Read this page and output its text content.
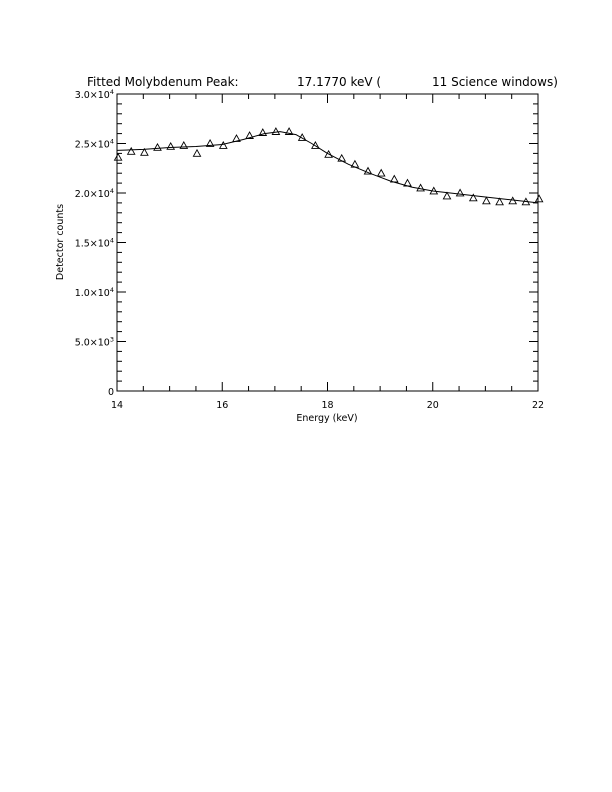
Fitted Molybdenum Peak:	17.1770 keV (	11 Science windows)
14	16	18	20	22
0
$5.0\times 10^3$
$1.0\times 10^4$
$1.5\times 10^4$
$2.0\times 10^4$
$2.5\times 10^4$
$3.0\times 10^4$
Energy (keV)
Detector counts
